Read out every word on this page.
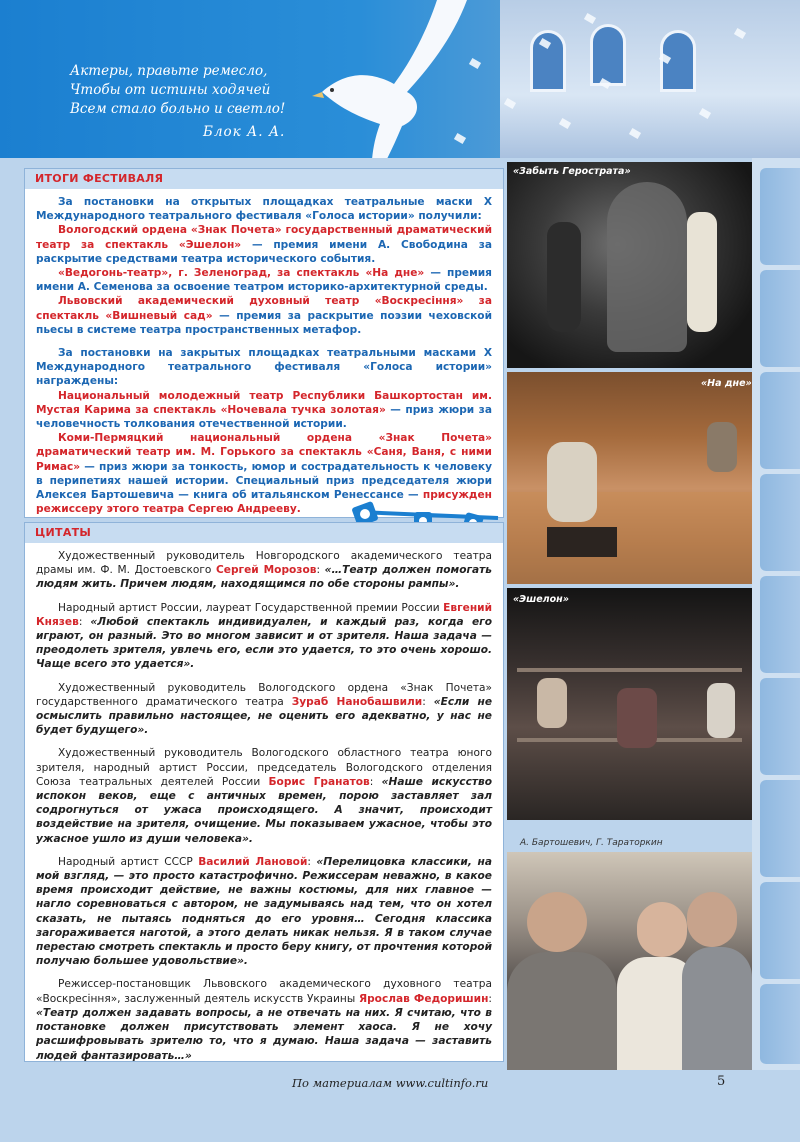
Актеры, правьте ремесло,
Чтобы от истины ходячей
Всем стало больно и светло!
Блок А. А.
ИТОГИ ФЕСТИВАЛЯ

За постановки на открытых площадках театральные маски X Международного театрального фестиваля «Голоса истории» получили:

Вологодский ордена «Знак Почета» государственный драматический театр за спектакль «Эшелон» — премия имени А. Свободина за раскрытие средствами театра исторического события.

«Ведогонь-театр», г. Зеленоград, за спектакль «На дне» — премия имени А. Семенова за освоение театром историко-архитектурной среды.

Львовский академический духовный театр «Воскресіння» за спектакль «Вишневый сад» — премия за раскрытие поэзии чеховской пьесы в системе театра пространственных метафор.

За постановки на закрытых площадках театральными масками X Международного театрального фестиваля «Голоса истории» награждены:

Национальный молодежный театр Республики Башкортостан им. Мустая Карима за спектакль «Ночевала тучка золотая» — приз жюри за человечность толкования отечественной истории.

Коми-Пермяцкий национальный ордена «Знак Почета» драматический театр им. М. Горького за спектакль «Саня, Ваня, с ними Римас» — приз жюри за тонкость, юмор и сострадательность к человеку в перипетиях нашей истории. Специальный приз председателя жюри Алексея Бартошевича — книга об итальянском Ренессансе — присужден режиссеру этого театра Сергею Андрееву.

ЦИТАТЫ

Художественный руководитель Новгородского академического театра драмы им. Ф. М. Достоевского Сергей Морозов: «…Театр должен помогать людям жить. Причем людям, находящимся по обе стороны рампы».

Народный артист России, лауреат Государственной премии России Евгений Князев: «Любой спектакль индивидуален, и каждый раз, когда его играют, он разный. Это во многом зависит и от зрителя. Наша задача — преодолеть зрителя, увлечь его, если это удается, то это очень хорошо. Чаще всего это удается».

Художественный руководитель Вологодского ордена «Знак Почета» государственного драматического театра Зураб Нанобашвили: «Если не осмыслить правильно настоящее, не оценить его адекватно, у нас не будет будущего».

Художественный руководитель Вологодского областного театра юного зрителя, народный артист России, председатель Вологодского отделения Союза театральных деятелей России Борис Гранатов: «Наше искусство испокон веков, еще с античных времен, порою заставляет зал содрогнуться от ужаса происходящего. А значит, происходит воздействие на зрителя, очищение. Мы показываем ужасное, чтобы это ужасное ушло из души человека».

Народный артист СССР Василий Лановой: «Перелицовка классики, на мой взгляд, — это просто катастрофично. Режиссерам неважно, в какое время происходит действие, не важны костюмы, для них главное — нагло соревноваться с автором, не задумываясь над тем, что он хотел сказать, не пытаясь подняться до его уровня… Сегодня классика загораживается наготой, а этого делать никак нельзя. Я в таком случае перестаю смотреть спектакль и просто беру книгу, от прочтения которой получаю большее удовольствие».

Режиссер-постановщик Львовского академического духовного театра «Воскресіння», заслуженный деятель искусств Украины Ярослав Федоришин: «Театр должен задавать вопросы, а не отвечать на них. Я считаю, что в постановке должен присутствовать элемент хаоса. Я не хочу расшифровывать зрителю то, что я думаю. Наша задача — заставить людей фантазировать…»

«Забыть Герострата»
«На дне»
«Эшелон»
А. Бартошевич, Г. Тараторкин
По материалам www.cultinfo.ru	5
